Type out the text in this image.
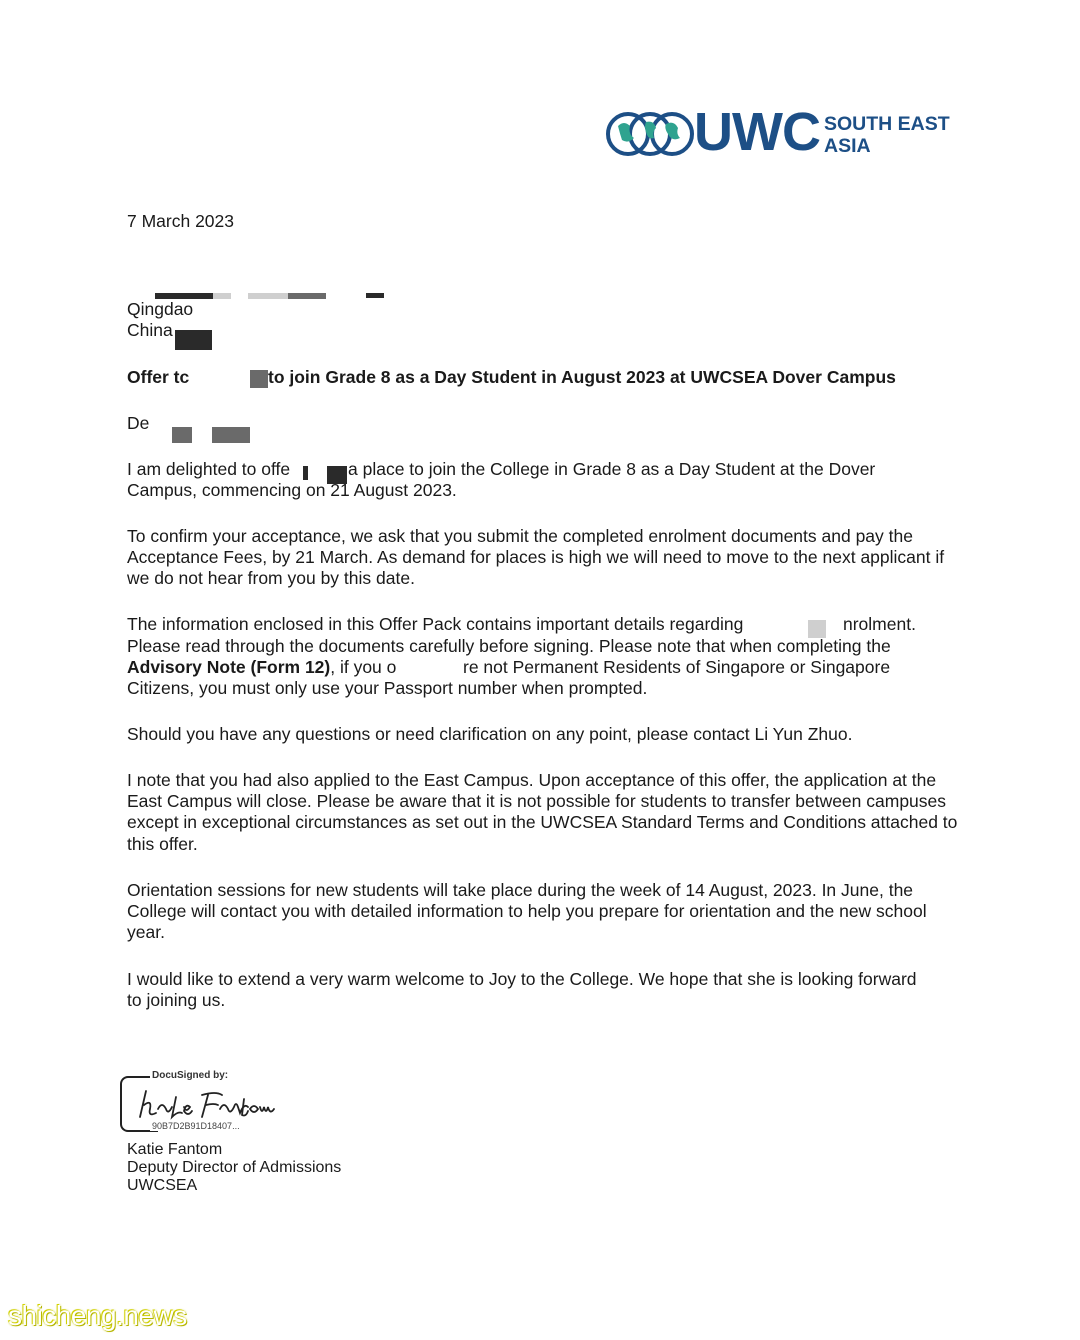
UWC SOUTH EAST
ASIA
7 March 2023
Qingdao
China
Offer tc	to join Grade 8 as a Day Student in August 2023 at UWCSEA Dover Campus
De
I am delighted to offe	a place to join the College in Grade 8 as a Day Student at the Dover
Campus, commencing on 21 August 2023.
To confirm your acceptance, we ask that you submit the completed enrolment documents and pay the Acceptance Fees, by 21 March. As demand for places is high we will need to move to the next applicant if we do not hear from you by this date.
The information enclosed in this Offer Pack contains important details regarding	nrolment.
Please read through the documents carefully before signing. Please note that when completing the
Advisory Note (Form 12), if you o	re not Permanent Residents of Singapore or Singapore
Citizens, you must only use your Passport number when prompted.
Should you have any questions or need clarification on any point, please contact Li Yun Zhuo.
I note that you had also applied to the East Campus. Upon acceptance of this offer, the application at the East Campus will close. Please be aware that it is not possible for students to transfer between campuses except in exceptional circumstances as set out in the UWCSEA Standard Terms and Conditions attached to this offer.
Orientation sessions for new students will take place during the week of 14 August, 2023. In June, the College will contact you with detailed information to help you prepare for orientation and the new school year.
I would like to extend a very warm welcome to Joy to the College. We hope that she is looking forward to joining us.
DocuSigned by:
90B7D2B91D18407...
Katie Fantom
Deputy Director of Admissions
UWCSEA
shicheng.news
